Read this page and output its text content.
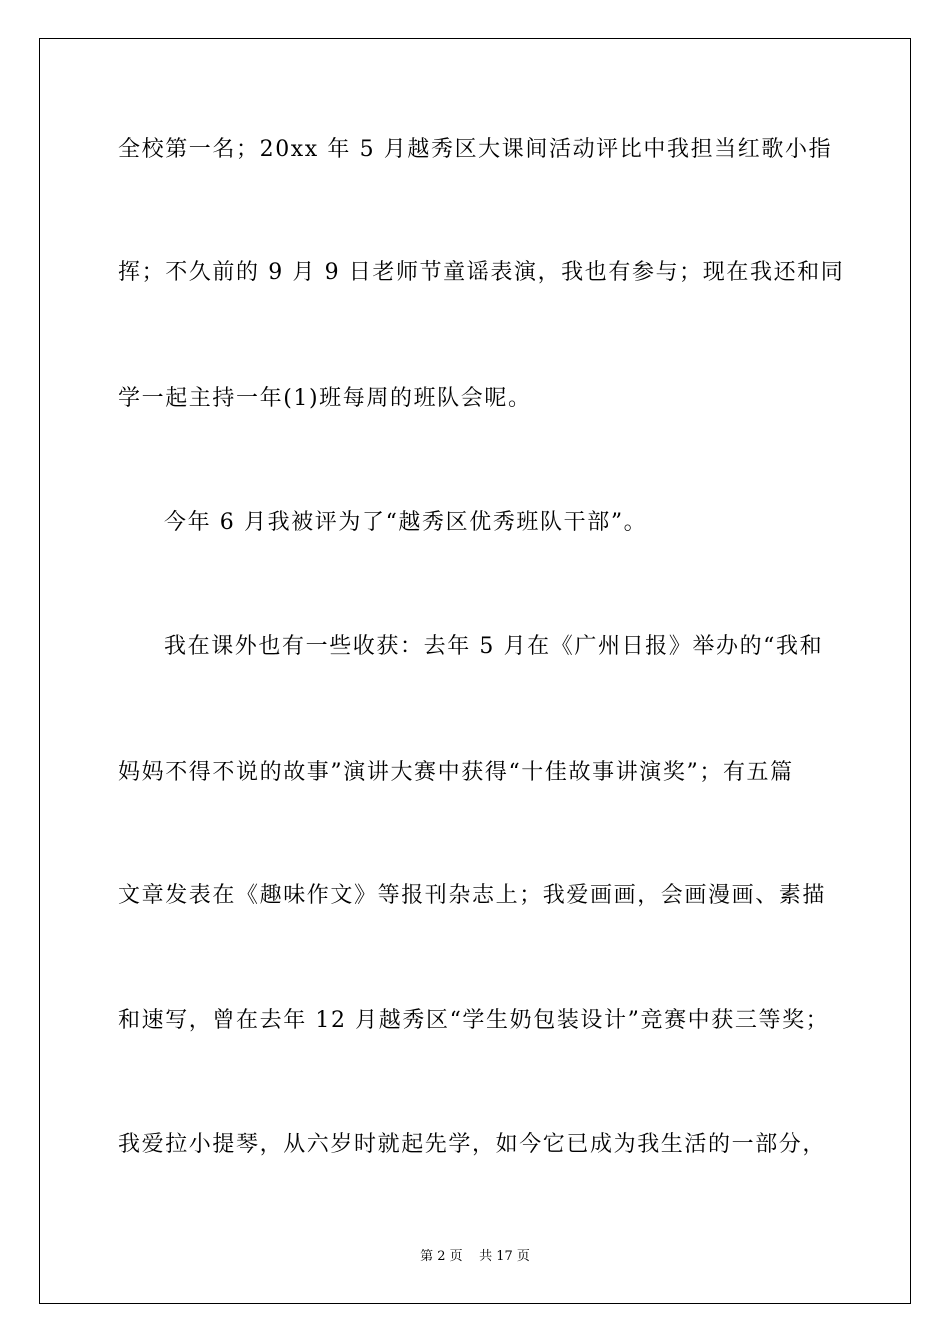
全校第一名；20xx 年 5 月越秀区大课间活动评比中我担当红歌小指
挥；不久前的 9 月 9 日老师节童谣表演，我也有参与；现在我还和同
学一起主持一年(1)班每周的班队会呢。
今年 6 月我被评为了“越秀区优秀班队干部”。
我在课外也有一些收获：去年 5 月在《广州日报》举办的“我和
妈妈不得不说的故事”演讲大赛中获得“十佳故事讲演奖”；有五篇
文章发表在《趣味作文》等报刊杂志上；我爱画画，会画漫画、素描
和速写，曾在去年 12 月越秀区“学生奶包装设计”竞赛中获三等奖；
我爱拉小提琴，从六岁时就起先学，如今它已成为我生活的一部分，
第 2 页    共 17 页
